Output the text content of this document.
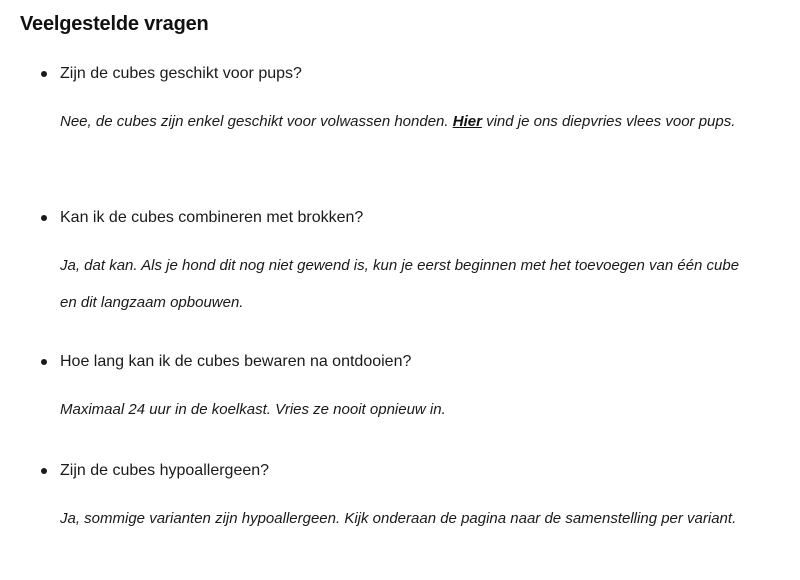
Veelgestelde vragen
Zijn de cubes geschikt voor pups?

Nee, de cubes zijn enkel geschikt voor volwassen honden. Hier vind je ons diepvries vlees voor pups.

Kan ik de cubes combineren met brokken?

Ja, dat kan. Als je hond dit nog niet gewend is, kun je eerst beginnen met het toevoegen van één cube en dit langzaam opbouwen.

Hoe lang kan ik de cubes bewaren na ontdooien?

Maximaal 24 uur in de koelkast. Vries ze nooit opnieuw in.

Zijn de cubes hypoallergeen?

Ja, sommige varianten zijn hypoallergeen. Kijk onderaan de pagina naar de samenstelling per variant.
